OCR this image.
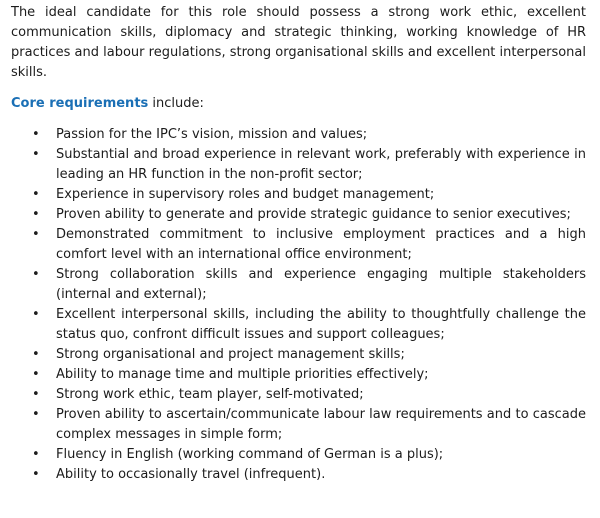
The ideal candidate for this role should possess a strong work ethic, excellent communication skills, diplomacy and strategic thinking, working knowledge of HR practices and labour regulations, strong organisational skills and excellent interpersonal skills.

Core requirements include:

•	Passion for the IPC’s vision, mission and values;
•	Substantial and broad experience in relevant work, preferably with experience in leading an HR function in the non-profit sector;
•	Experience in supervisory roles and budget management;
•	Proven ability to generate and provide strategic guidance to senior executives;
•	Demonstrated commitment to inclusive employment practices and a high comfort level with an international office environment;
•	Strong collaboration skills and experience engaging multiple stakeholders (internal and external);
•	Excellent interpersonal skills, including the ability to thoughtfully challenge the status quo, confront difficult issues and support colleagues;
•	Strong organisational and project management skills;
•	Ability to manage time and multiple priorities effectively;
•	Strong work ethic, team player, self-motivated;
•	Proven ability to ascertain/communicate labour law requirements and to cascade complex messages in simple form;
•	Fluency in English (working command of German is a plus);
•	Ability to occasionally travel (infrequent).
